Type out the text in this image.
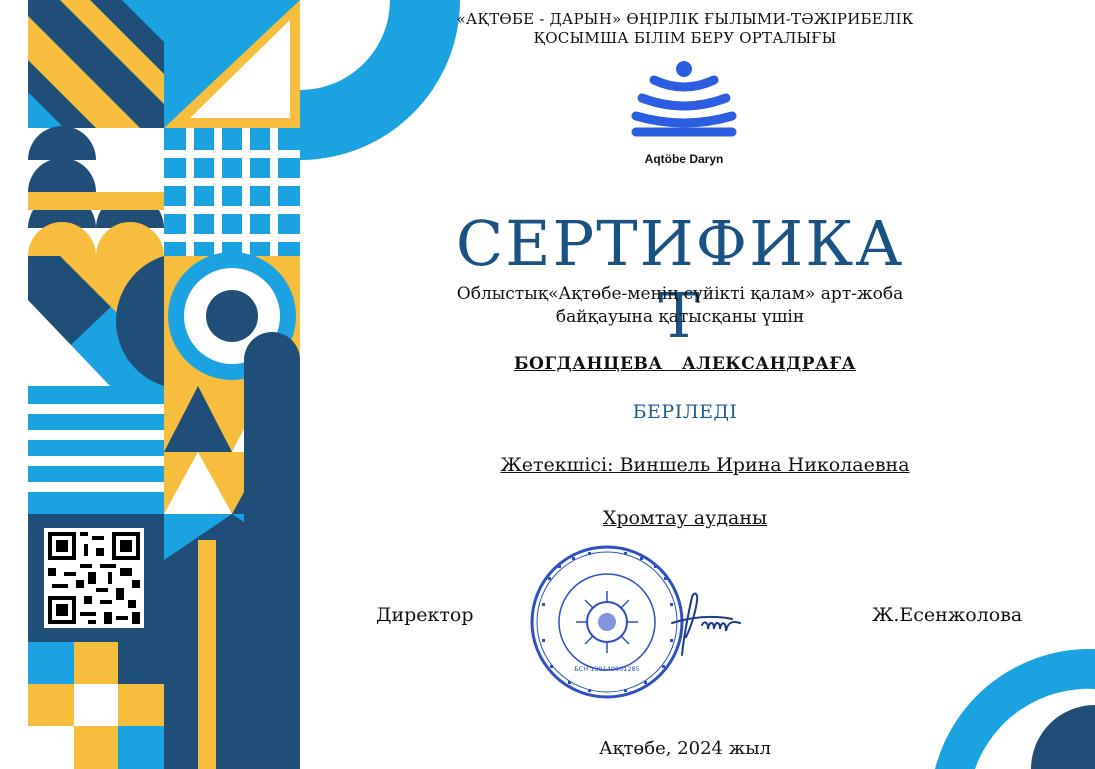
«АҚТӨБЕ - ДАРЫН» ӨҢІРЛІК ҒЫЛЫМИ-ТӘЖІРИБЕЛІК
ҚОСЫМША БІЛІМ БЕРУ ОРТАЛЫҒЫ
Aqtöbe Daryn
СЕРТИФИКАТ
Облыстық«Ақтөбе-менің сүйікті қалам» арт-жоба
байқауына қатысқаны үшін
БОГДАНЦЕВА   АЛЕКСАНДРАҒА
БЕРІЛЕДІ
Жетекшісі: Виншель Ирина Николаевна
Хромтау ауданы
Директор	Ж.Есенжолова
БСН 130140001285
Ақтөбе, 2024 жыл
